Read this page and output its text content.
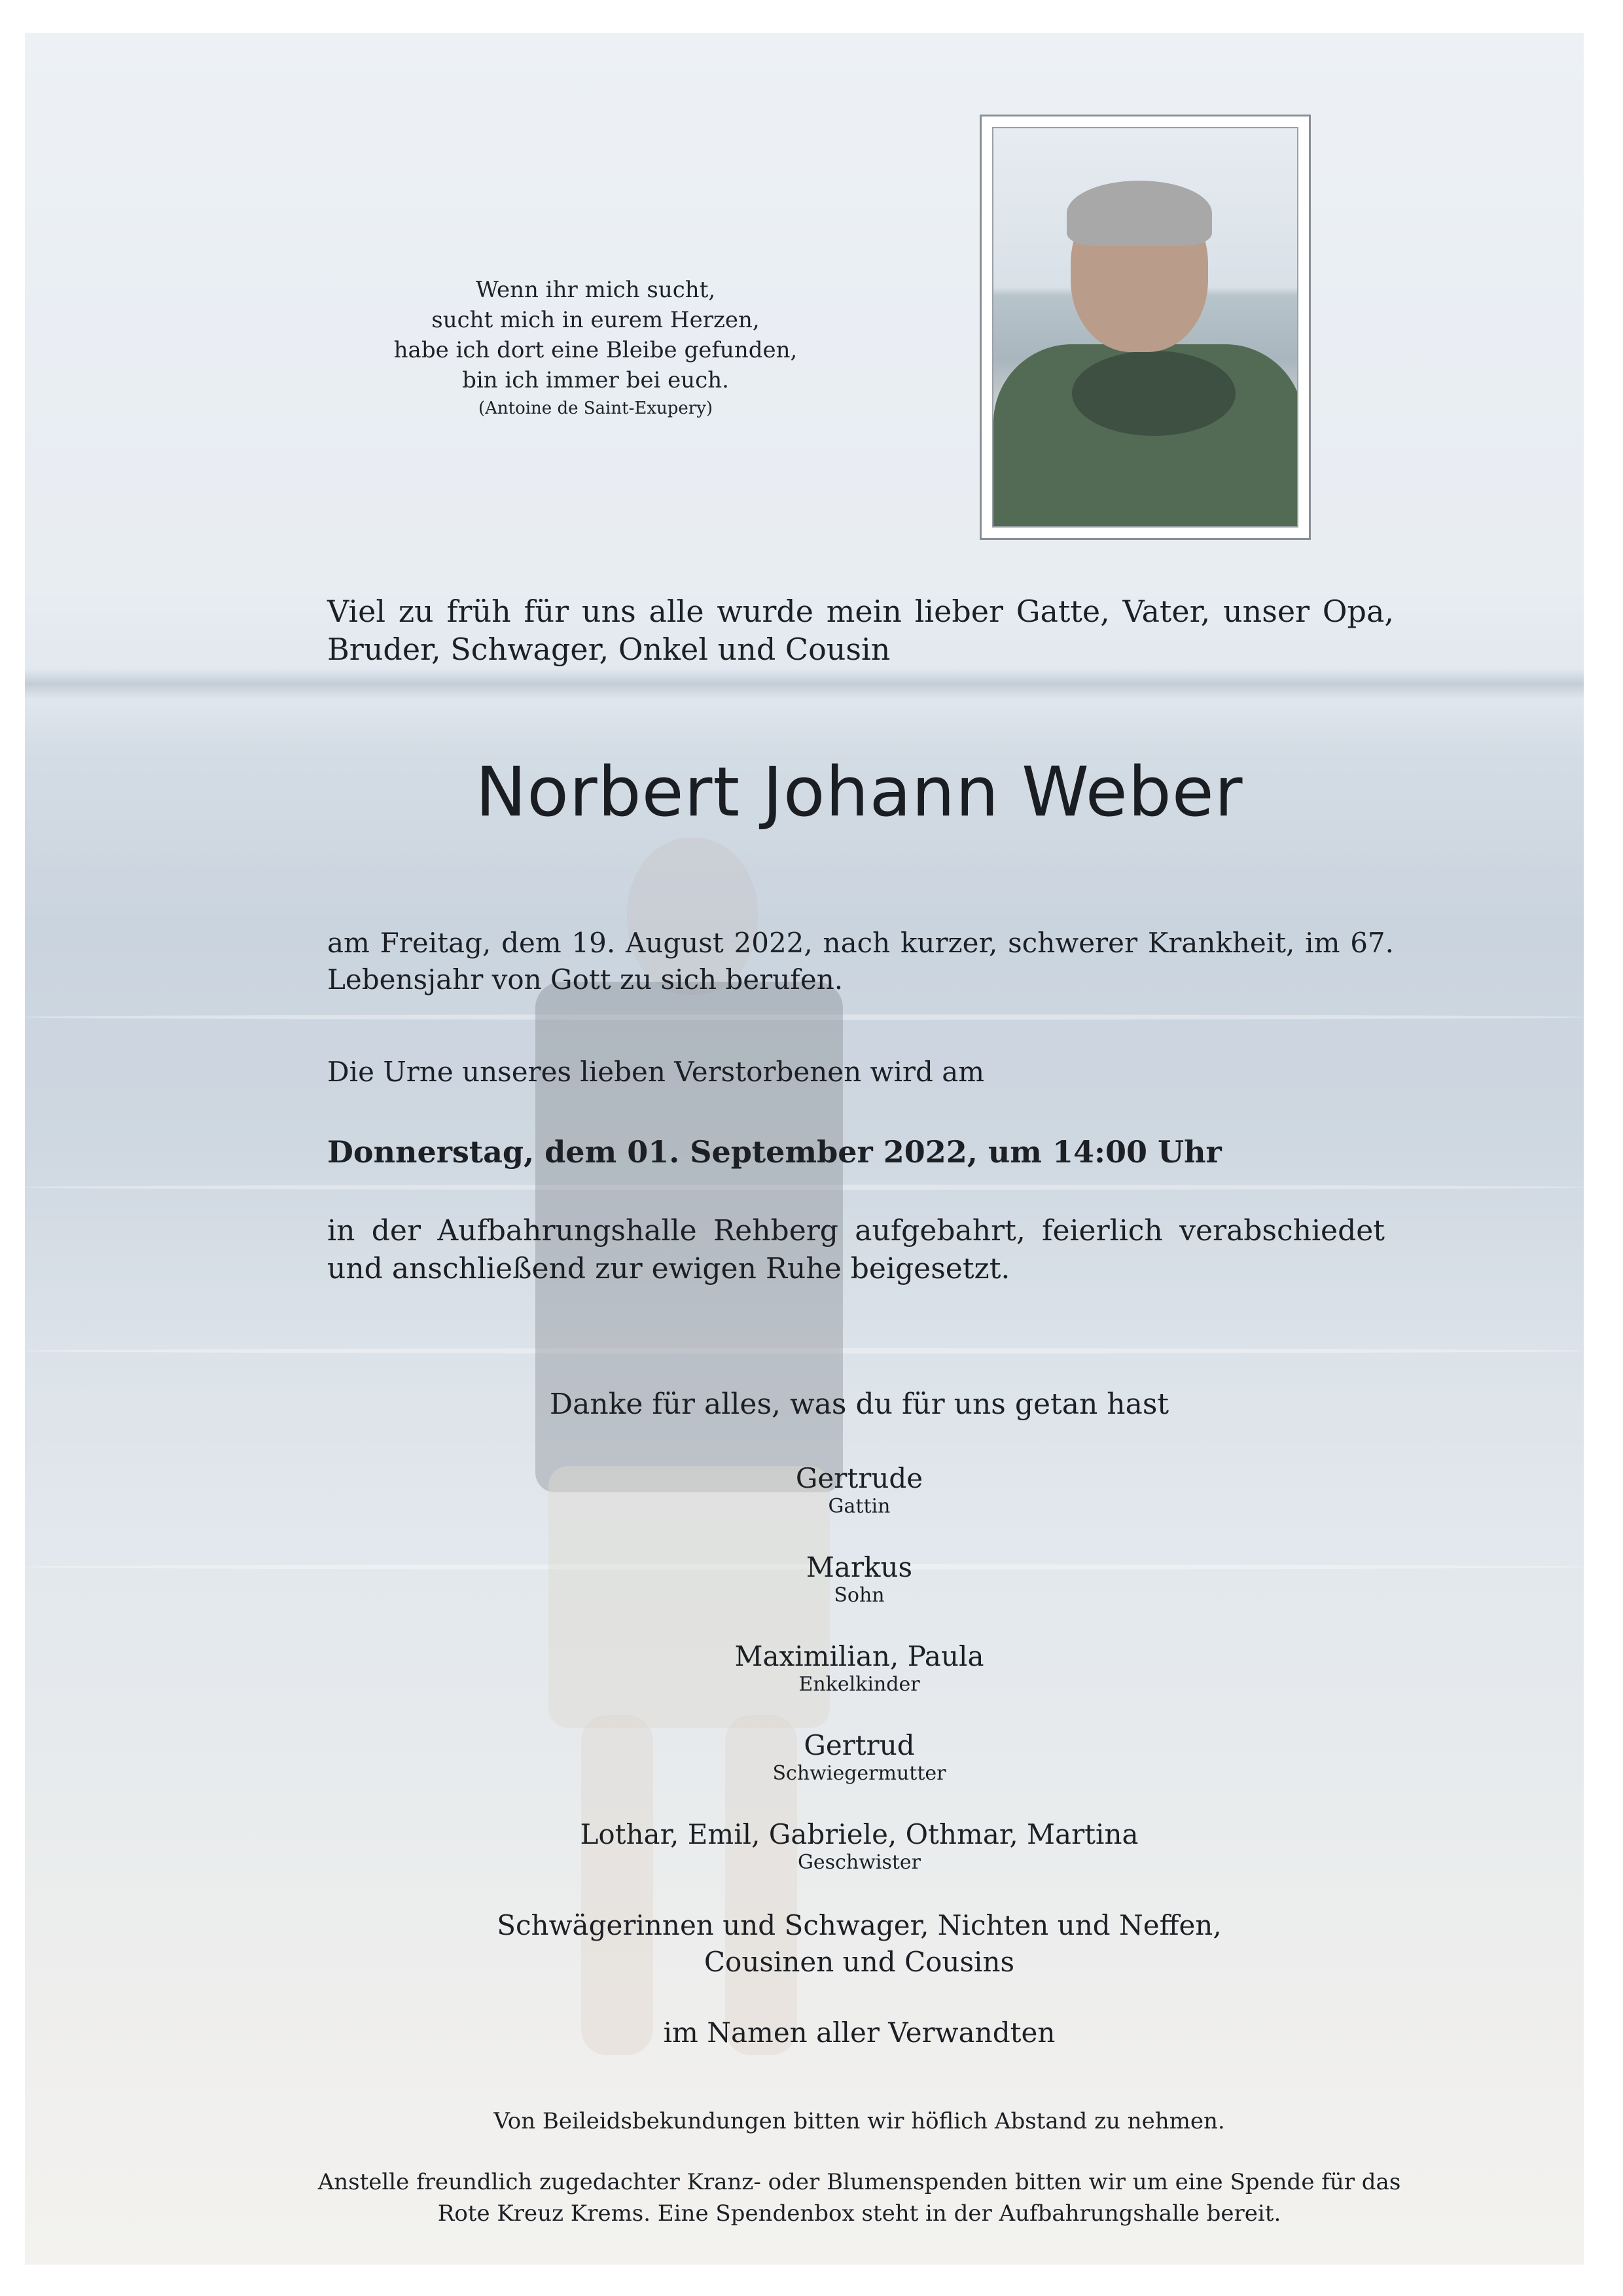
Wenn ihr mich sucht,
sucht mich in eurem Herzen,
habe ich dort eine Bleibe gefunden,
bin ich immer bei euch.
(Antoine de Saint-Exupery)
Viel zu früh für uns alle wurde mein lieber Gatte, Vater, unser Opa, Bruder, Schwager, Onkel und Cousin
Norbert Johann Weber
am Freitag, dem 19. August 2022, nach kurzer, schwerer Krankheit, im 67. Lebensjahr von Gott zu sich berufen.
Die Urne unseres lieben Verstorbenen wird am
Donnerstag, dem 01. September 2022, um 14:00 Uhr
in der Aufbahrungshalle Rehberg aufgebahrt, feierlich verabschiedet und anschließend zur ewigen Ruhe beigesetzt.
Danke für alles, was du für uns getan hast
Gertrude
Gattin
Markus
Sohn
Maximilian, Paula
Enkelkinder
Gertrud
Schwiegermutter
Lothar, Emil, Gabriele, Othmar, Martina
Geschwister
Schwägerinnen und Schwager, Nichten und Neffen,
Cousinen und Cousins
im Namen aller Verwandten
Von Beileidsbekundungen bitten wir höflich Abstand zu nehmen.
Anstelle freundlich zugedachter Kranz- oder Blumenspenden bitten wir um eine Spende für das Rote Kreuz Krems. Eine Spendenbox steht in der Aufbahrungshalle bereit.
